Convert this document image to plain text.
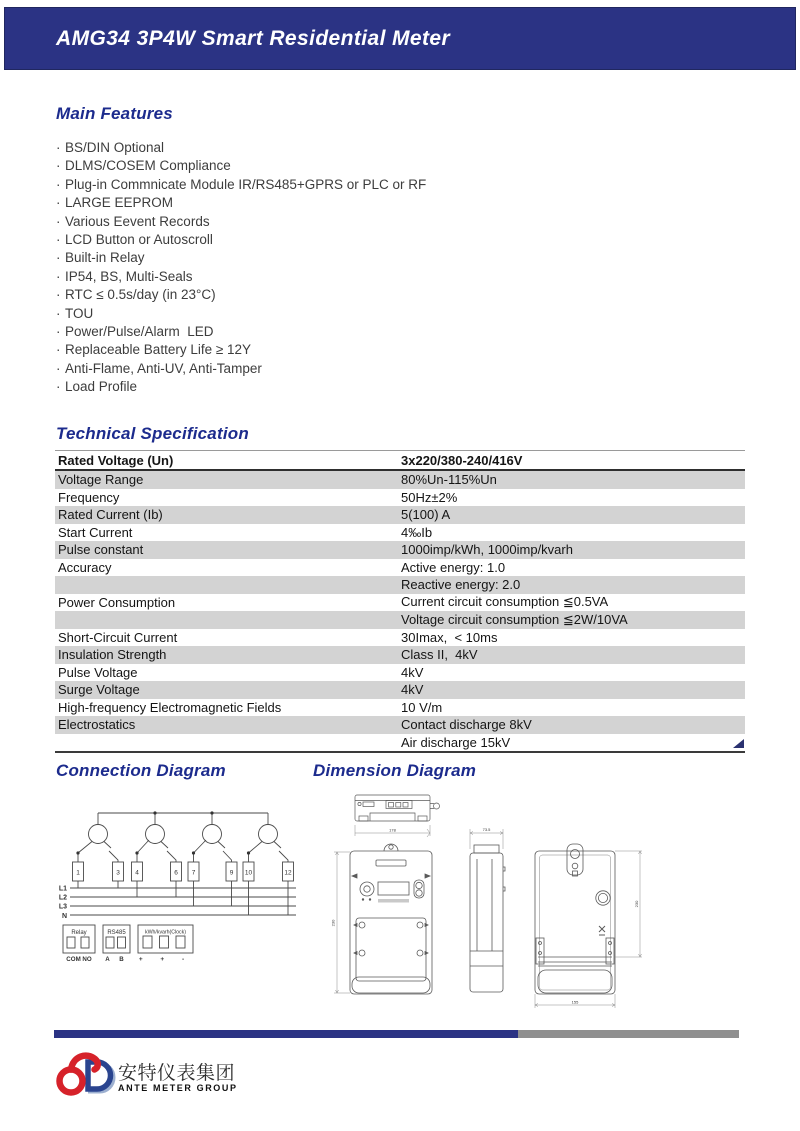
AMG34 3P4W Smart Residential Meter
Main Features
· BS/DIN Optional
· DLMS/COSEM Compliance
· Plug-in Commnicate Module IR/RS485+GPRS or PLC or RF
· LARGE EEPROM
· Various Eevent Records
· LCD Button or Autoscroll
· Built-in Relay
· IP54, BS, Multi-Seals
· RTC ≤ 0.5s/day (in 23°C)
· TOU
· Power/Pulse/Alarm  LED
· Replaceable Battery Life ≥ 12Y
· Anti-Flame, Anti-UV, Anti-Tamper
· Load Profile
Technical Specification
Rated Voltage (Un)	3x220/380-240/416V
Voltage Range	80%Un-115%Un
Frequency	50Hz±2%
Rated Current (Ib)	5(100) A
Start Current	4‰Ib
Pulse constant	1000imp/kWh, 1000imp/kvarh
Accuracy	Active energy: 1.0
Reactive energy: 2.0
Power Consumption	Current circuit consumption ≦0.5VA
Voltage circuit consumption ≦2W/10VA
Short-Circuit Current	30Imax,  < 10ms
Insulation Strength	Class II,  4kV
Pulse Voltage	4kV
Surge Voltage	4kV
High-frequency Electromagnetic Fields	10 V/m
Electrostatics	Contact discharge 8kV
Air discharge 15kV
Connection Diagram	Dimension Diagram
1	3 4	6 7	9 10	12
L1
L2
L3
N
Relay	RS485	kWh/kvarh(Clock)
COM NO A B + + -
178
230
73.5
230
155
安特仪表集团
ANTE METER GROUP
